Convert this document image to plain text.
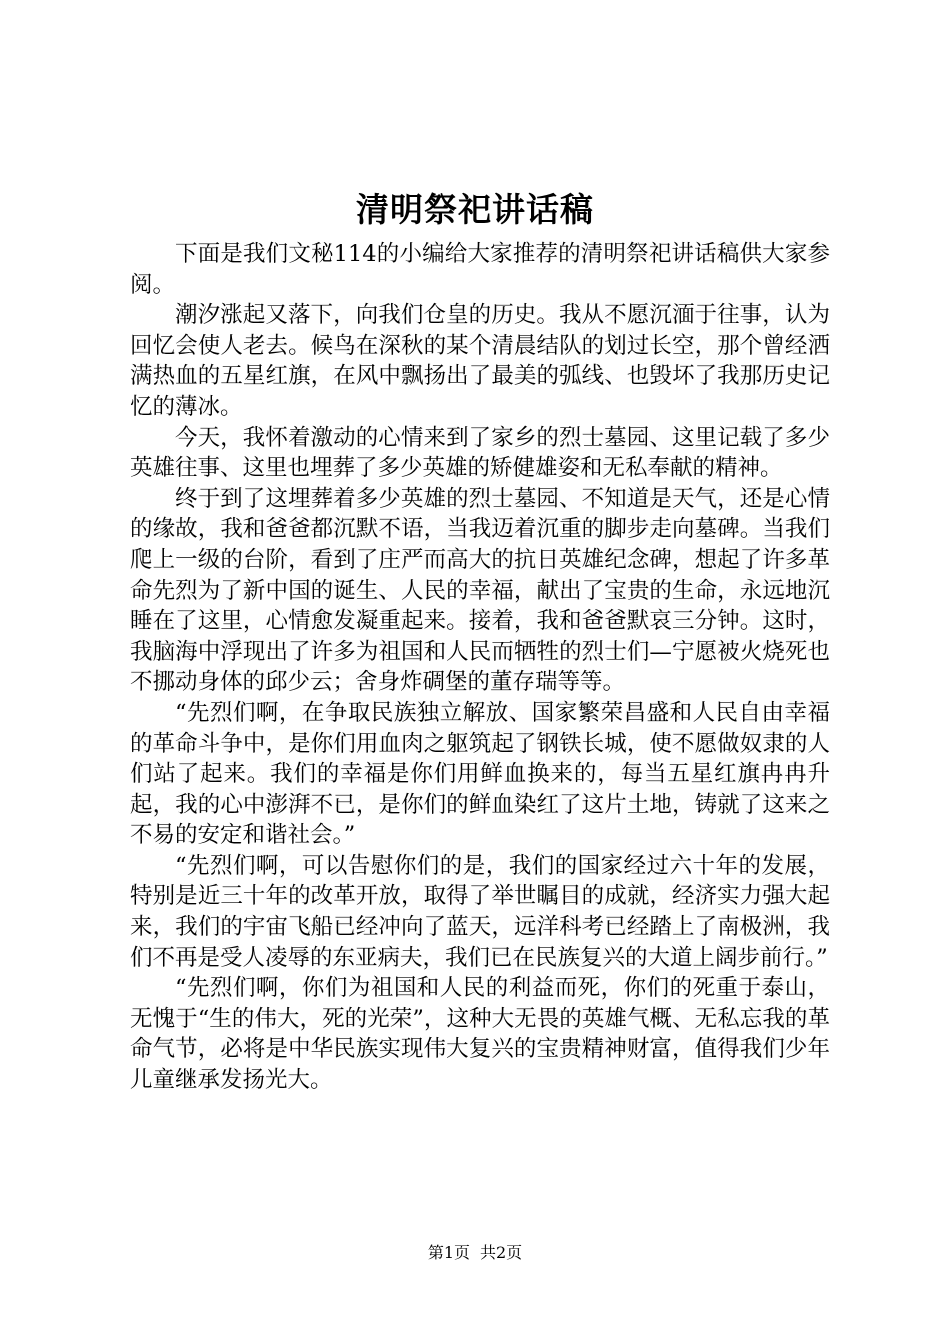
清明祭祀讲话稿

下面是我们文秘114的小编给大家推荐的清明祭祀讲话稿供大家参阅。

潮汐涨起又落下，向我们仓皇的历史。我从不愿沉湎于往事，认为回忆会使人老去。候鸟在深秋的某个清晨结队的划过长空，那个曾经洒满热血的五星红旗，在风中飘扬出了最美的弧线、也毁坏了我那历史记忆的薄冰。

今天，我怀着激动的心情来到了家乡的烈士墓园、这里记载了多少英雄往事、这里也埋葬了多少英雄的矫健雄姿和无私奉献的精神。

终于到了这埋葬着多少英雄的烈士墓园、不知道是天气，还是心情的缘故，我和爸爸都沉默不语，当我迈着沉重的脚步走向墓碑。当我们爬上一级的台阶，看到了庄严而高大的抗日英雄纪念碑，想起了许多革命先烈为了新中国的诞生、人民的幸福，献出了宝贵的生命，永远地沉睡在了这里，心情愈发凝重起来。接着，我和爸爸默哀三分钟。这时，我脑海中浮现出了许多为祖国和人民而牺牲的烈士们—宁愿被火烧死也不挪动身体的邱少云；舍身炸碉堡的董存瑞等等。

“先烈们啊，在争取民族独立解放、国家繁荣昌盛和人民自由幸福的革命斗争中，是你们用血肉之躯筑起了钢铁长城，使不愿做奴隶的人们站了起来。我们的幸福是你们用鲜血换来的，每当五星红旗冉冉升起，我的心中澎湃不已，是你们的鲜血染红了这片土地，铸就了这来之不易的安定和谐社会。”

“先烈们啊，可以告慰你们的是，我们的国家经过六十年的发展，特别是近三十年的改革开放，取得了举世瞩目的成就，经济实力强大起来，我们的宇宙飞船已经冲向了蓝天，远洋科考已经踏上了南极洲，我们不再是受人凌辱的东亚病夫，我们已在民族复兴的大道上阔步前行。”

“先烈们啊，你们为祖国和人民的利益而死，你们的死重于泰山，无愧于“生的伟大，死的光荣”，这种大无畏的英雄气概、无私忘我的革命气节，必将是中华民族实现伟大复兴的宝贵精神财富，值得我们少年儿童继承发扬光大。

第1页 共2页
